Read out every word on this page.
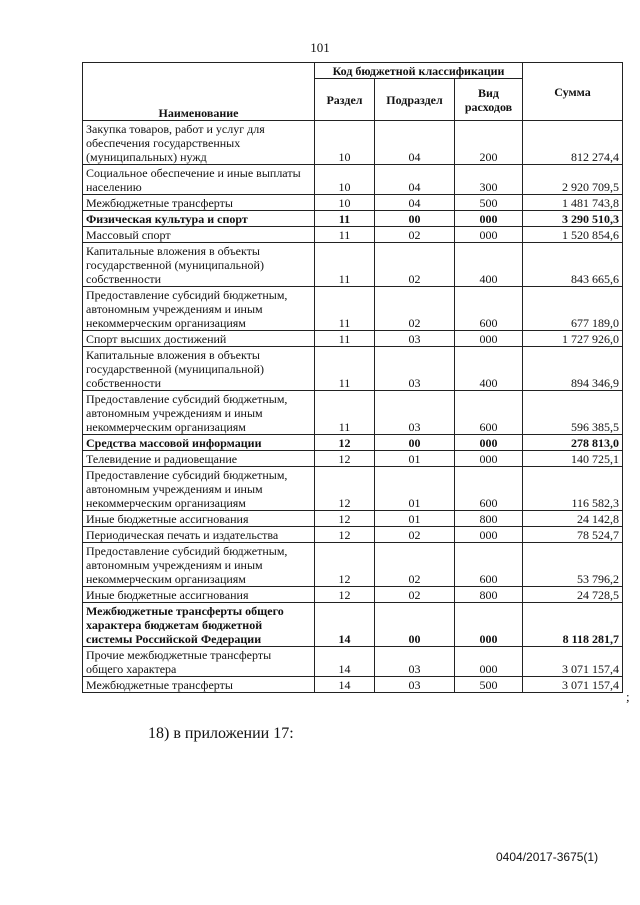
101
Наименование	Код бюджетной классификации			Сумма
	Раздел	Подраздел	Вид расходов	
Закупка товаров, работ и услуг для обеспечения государственных (муниципальных) нужд	10	04	200	812 274,4
Социальное обеспечение и иные выплаты населению	10	04	300	2 920 709,5
Межбюджетные трансферты	10	04	500	1 481 743,8
Физическая культура и спорт	11	00	000	3 290 510,3
Массовый спорт	11	02	000	1 520 854,6
Капитальные вложения в объекты государственной (муниципальной) собственности	11	02	400	843 665,6
Предоставление субсидий бюджетным, автономным учреждениям и иным некоммерческим организациям	11	02	600	677 189,0
Спорт высших достижений	11	03	000	1 727 926,0
Капитальные вложения в объекты государственной (муниципальной) собственности	11	03	400	894 346,9
Предоставление субсидий бюджетным, автономным учреждениям и иным некоммерческим организациям	11	03	600	596 385,5
Средства массовой информации	12	00	000	278 813,0
Телевидение и радиовещание	12	01	000	140 725,1
Предоставление субсидий бюджетным, автономным учреждениям и иным некоммерческим организациям	12	01	600	116 582,3
Иные бюджетные ассигнования	12	01	800	24 142,8
Периодическая печать и издательства	12	02	000	78 524,7
Предоставление субсидий бюджетным, автономным учреждениям и иным некоммерческим организациям	12	02	600	53 796,2
Иные бюджетные ассигнования	12	02	800	24 728,5
Межбюджетные трансферты общего характера бюджетам бюджетной системы Российской Федерации	14	00	000	8 118 281,7
Прочие межбюджетные трансферты общего характера	14	03	000	3 071 157,4
Межбюджетные трансферты	14	03	500	3 071 157,4
;
18) в приложении 17:
0404/2017-3675(1)
